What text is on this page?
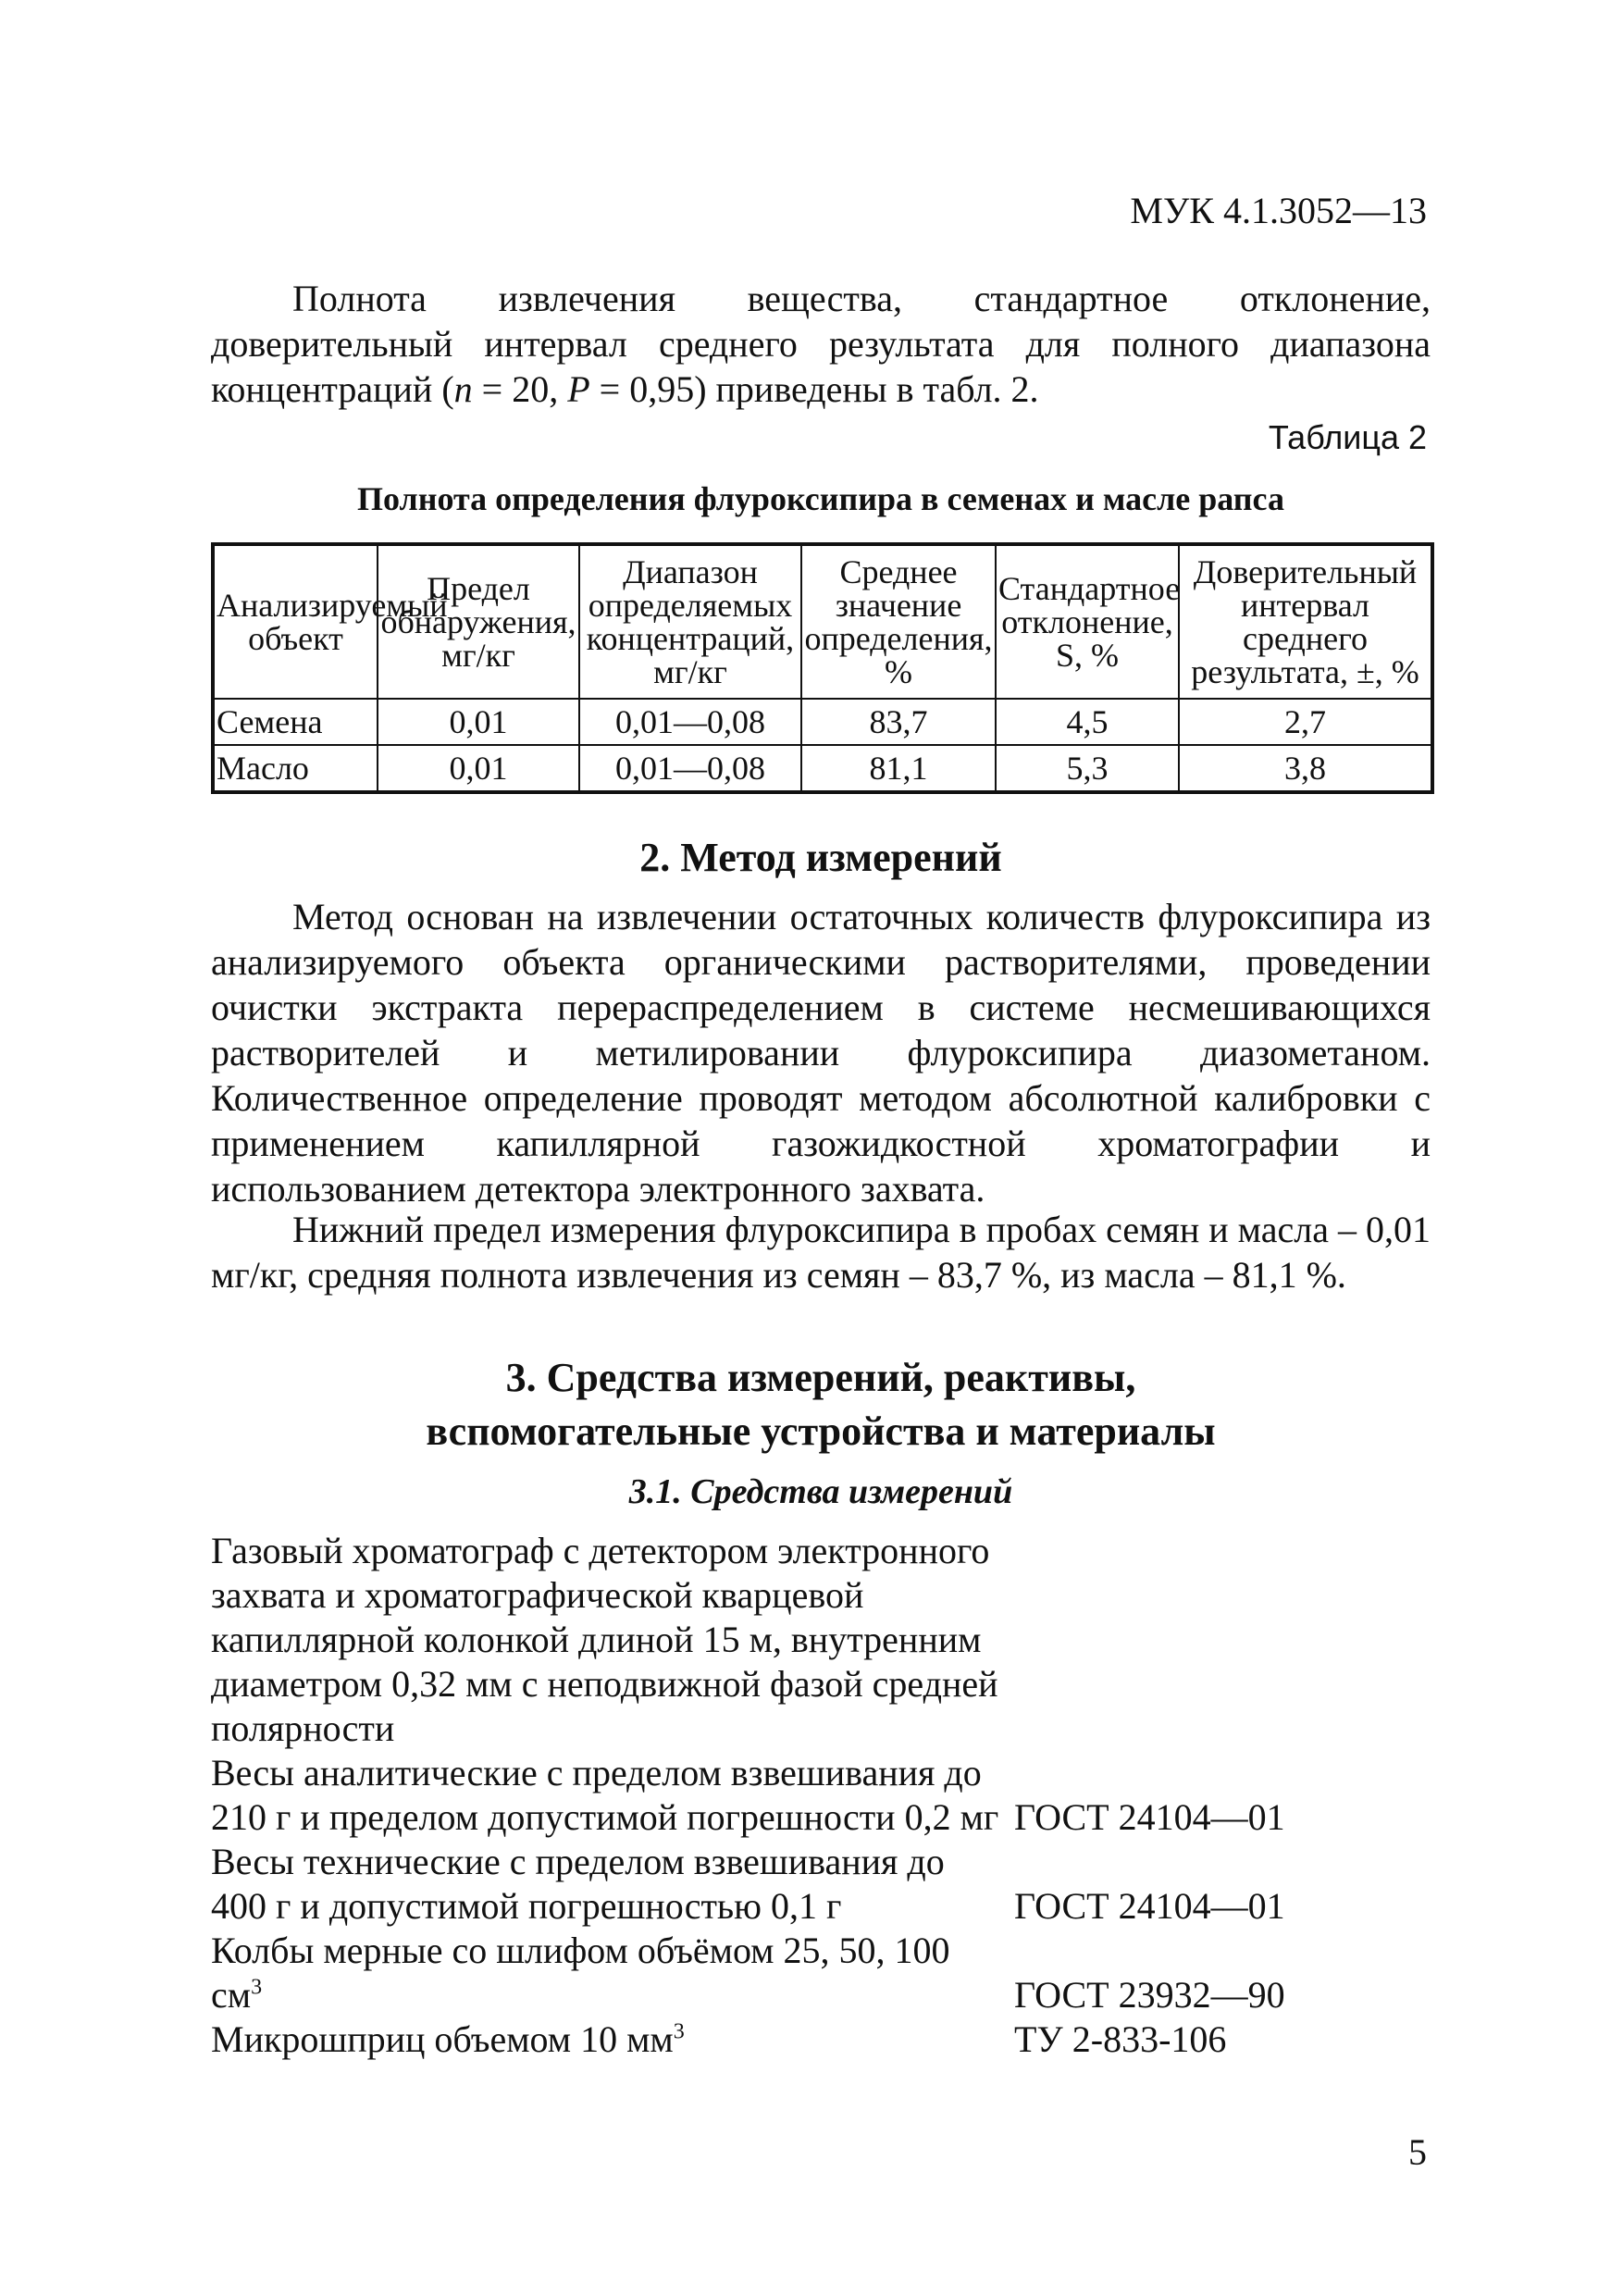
МУК 4.1.3052—13
Полнота извлечения вещества, стандартное отклонение, доверительный интервал среднего результата для полного диапазона концентраций (n = 20, P = 0,95) приведены в табл. 2.
Таблица 2
Полнота определения флуроксипира в семенах и масле рапса
Анализируемый объект	Предел обнаружения, мг/кг	Диапазон определяемых концентраций, мг/кг	Среднее значение определения, %	Стандартное отклонение, S, %	Доверительный интервал среднего результата, ±, %
Семена	0,01	0,01—0,08	83,7	4,5	2,7
Масло	0,01	0,01—0,08	81,1	5,3	3,8
2. Метод измерений
Метод основан на извлечении остаточных количеств флуроксипира из анализируемого объекта органическими растворителями, проведении очистки экстракта перераспределением в системе несмешивающихся растворителей и метилировании флуроксипира диазометаном. Количественное определение проводят методом абсолютной калибровки с применением капиллярной газожидкостной хроматографии и использованием детектора электронного захвата.
Нижний предел измерения флуроксипира в пробах семян и масла – 0,01 мг/кг, средняя полнота извлечения из семян – 83,7 %, из масла – 81,1 %.
3. Средства измерений, реактивы,
вспомогательные устройства и материалы
3.1. Средства измерений
Газовый хроматограф с детектором электронного захвата и хроматографической кварцевой капиллярной колонкой длиной 15 м, внутренним диаметром 0,32 мм с неподвижной фазой средней полярности
Весы аналитические с пределом взвешивания до 210 г и пределом допустимой погрешности 0,2 мг ГОСТ 24104—01
Весы технические с пределом взвешивания до 400 г и допустимой погрешностью 0,1 г	ГОСТ 24104—01
Колбы мерные со шлифом объёмом 25, 50, 100 $см^3$	ГОСТ 23932—90
Микрошприц объемом 10 $мм^3$	ТУ 2-833-106
5
